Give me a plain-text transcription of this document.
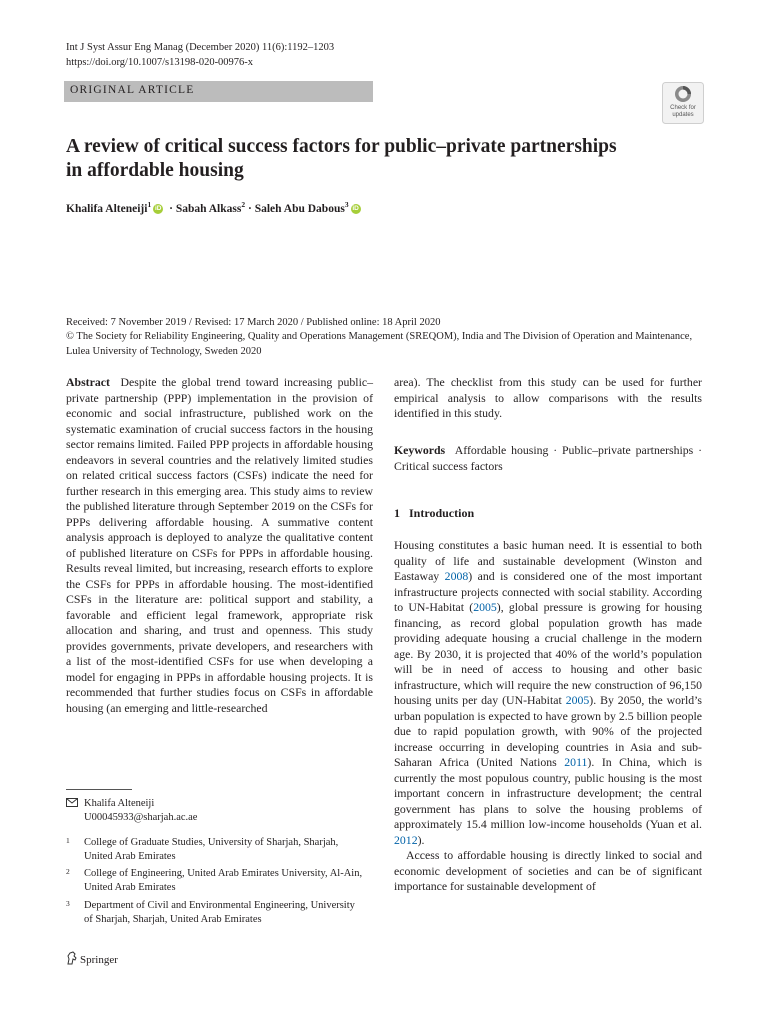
Int J Syst Assur Eng Manag (December 2020) 11(6):1192–1203
https://doi.org/10.1007/s13198-020-00976-x
ORIGINAL ARTICLE
Check for
updates
A review of critical success factors for public–private partnerships
in affordable housing
Khalifa Alteneiji$^1$ iD · Sabah Alkass$^2$ · Saleh Abu Dabous$^3$ iD
Received: 7 November 2019 / Revised: 17 March 2020 / Published online: 18 April 2020
© The Society for Reliability Engineering, Quality and Operations Management (SREQOM), India and The Division of Operation and Maintenance, Lulea University of Technology, Sweden 2020
Abstract Despite the global trend toward increasing public–private partnership (PPP) implementation in the provision of economic and social infrastructure, published work on the systematic examination of crucial success factors in the housing sector remains limited. Failed PPP projects in affordable housing endeavors in several countries and the relatively limited studies on related critical success factors (CSFs) indicate the need for further research in this emerging area. This study aims to review the published literature through September 2019 on the CSFs for PPPs delivering affordable housing. A summative content analysis approach is deployed to analyze the qualitative content of published literature on CSFs for PPPs in affordable housing. Results reveal limited, but increasing, research efforts to explore the CSFs for PPPs in affordable housing. The most-identified CSFs in the literature are: political support and stability, a favorable and efficient legal framework, appropriate risk allocation and sharing, and trust and openness. This study provides governments, private developers, and researchers with a list of the most-identified CSFs for use when developing a model for engaging in PPPs in affordable housing projects. It is recommended that further studies focus on CSFs in affordable housing (an emerging and little-researched
area). The checklist from this study can be used for further empirical analysis to allow comparisons with the results identified in this study.
Keywords Affordable housing · Public–private partnerships · Critical success factors
1 Introduction

Housing constitutes a basic human need. It is essential to both quality of life and sustainable development (Winston and Eastaway 2008) and is considered one of the most important infrastructure projects connected with social stability. According to UN-Habitat (2005), global pressure is growing for housing financing, as record global population growth has made providing adequate housing a crucial challenge in the modern age. By 2030, it is projected that 40% of the world’s population will be in need of access to housing and other basic infrastructure, which will require the new construction of 96,150 housing units per day (UN-Habitat 2005). By 2050, the world’s urban population is expected to have grown by 2.5 billion people due to rapid population growth, with 90% of the projected increase occurring in developing countries in Asia and sub-Saharan Africa (United Nations 2011). In China, which is currently the most populous country, public housing is the most important concern in infrastructure development; the central government has plans to solve the housing problems of approximately 15.4 million low-income households (Yuan et al. 2012).

Access to affordable housing is directly linked to social and economic development of societies and can be of significant importance for sustainable development of

Khalifa Alteneiji
U00045933@sharjah.ac.ae
1 College of Graduate Studies, University of Sharjah, Sharjah, United Arab Emirates
2 College of Engineering, United Arab Emirates University, Al-Ain, United Arab Emirates
3 Department of Civil and Environmental Engineering, University of Sharjah, Sharjah, United Arab Emirates
Springer
